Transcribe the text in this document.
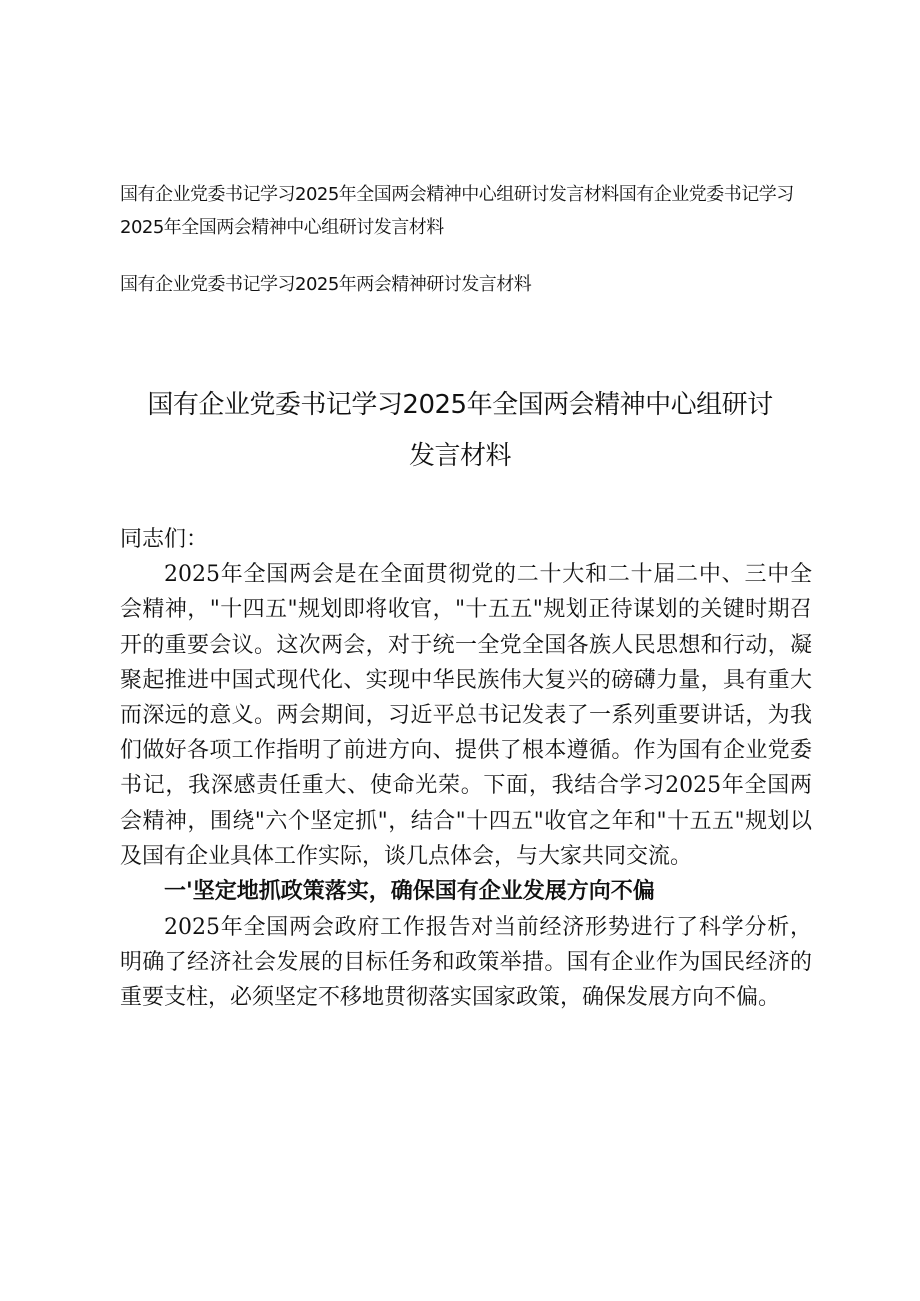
国有企业党委书记学习2025年全国两会精神中心组研讨发言材料国有企业党委书记学习2025年全国两会精神中心组研讨发言材料

国有企业党委书记学习2025年两会精神研讨发言材料

国有企业党委书记学习2025年全国两会精神中心组研讨
发言材料

同志们：

2025年全国两会是在全面贯彻党的二十大和二十届二中、三中全会精神，"十四五"规划即将收官，"十五五"规划正待谋划的关键时期召开的重要会议。这次两会，对于统一全党全国各族人民思想和行动，凝聚起推进中国式现代化、实现中华民族伟大复兴的磅礴力量，具有重大而深远的意义。两会期间，习近平总书记发表了一系列重要讲话，为我们做好各项工作指明了前进方向、提供了根本遵循。作为国有企业党委书记，我深感责任重大、使命光荣。下面，我结合学习2025年全国两会精神，围绕"六个坚定抓"，结合"十四五"收官之年和"十五五"规划以及国有企业具体工作实际，谈几点体会，与大家共同交流。

一'坚定地抓政策落实，确保国有企业发展方向不偏

2025年全国两会政府工作报告对当前经济形势进行了科学分析，明确了经济社会发展的目标任务和政策举措。国有企业作为国民经济的重要支柱，必须坚定不移地贯彻落实国家政策，确保发展方向不偏。
